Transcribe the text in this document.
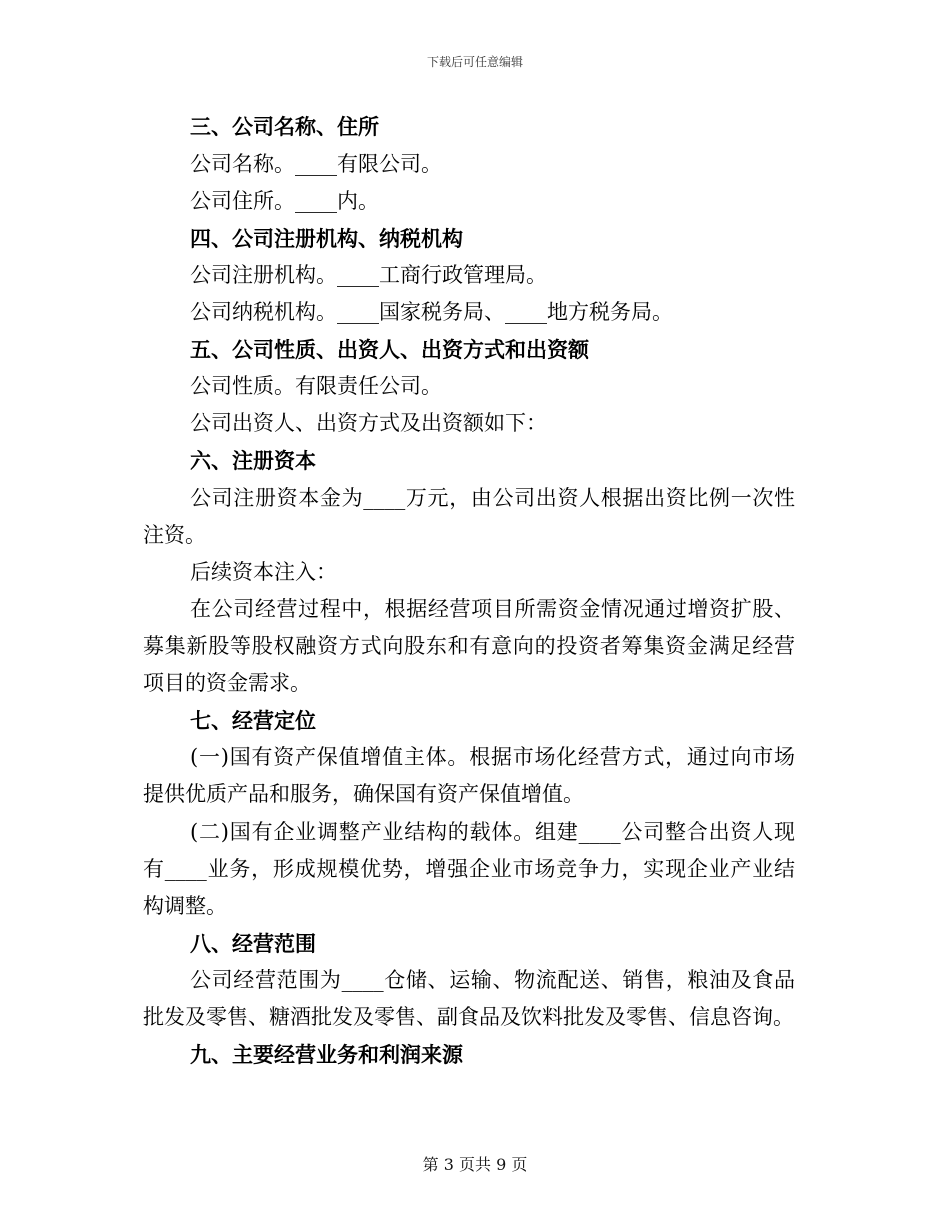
下载后可任意编辑
三、公司名称、住所
公司名称。____有限公司。
公司住所。____内。
四、公司注册机构、纳税机构
公司注册机构。____工商行政管理局。
公司纳税机构。____国家税务局、____地方税务局。
五、公司性质、出资人、出资方式和出资额
公司性质。有限责任公司。
公司出资人、出资方式及出资额如下：
六、注册资本
公司注册资本金为____万元，由公司出资人根据出资比例一次性
注资。
后续资本注入：
在公司经营过程中，根据经营项目所需资金情况通过增资扩股、
募集新股等股权融资方式向股东和有意向的投资者筹集资金满足经营
项目的资金需求。
七、经营定位
(一)国有资产保值增值主体。根据市场化经营方式，通过向市场
提供优质产品和服务，确保国有资产保值增值。
(二)国有企业调整产业结构的载体。组建____公司整合出资人现
有____业务，形成规模优势，增强企业市场竞争力，实现企业产业结
构调整。
八、经营范围
公司经营范围为____仓储、运输、物流配送、销售，粮油及食品
批发及零售、糖酒批发及零售、副食品及饮料批发及零售、信息咨询。
九、主要经营业务和利润来源
第 3 页共 9 页
